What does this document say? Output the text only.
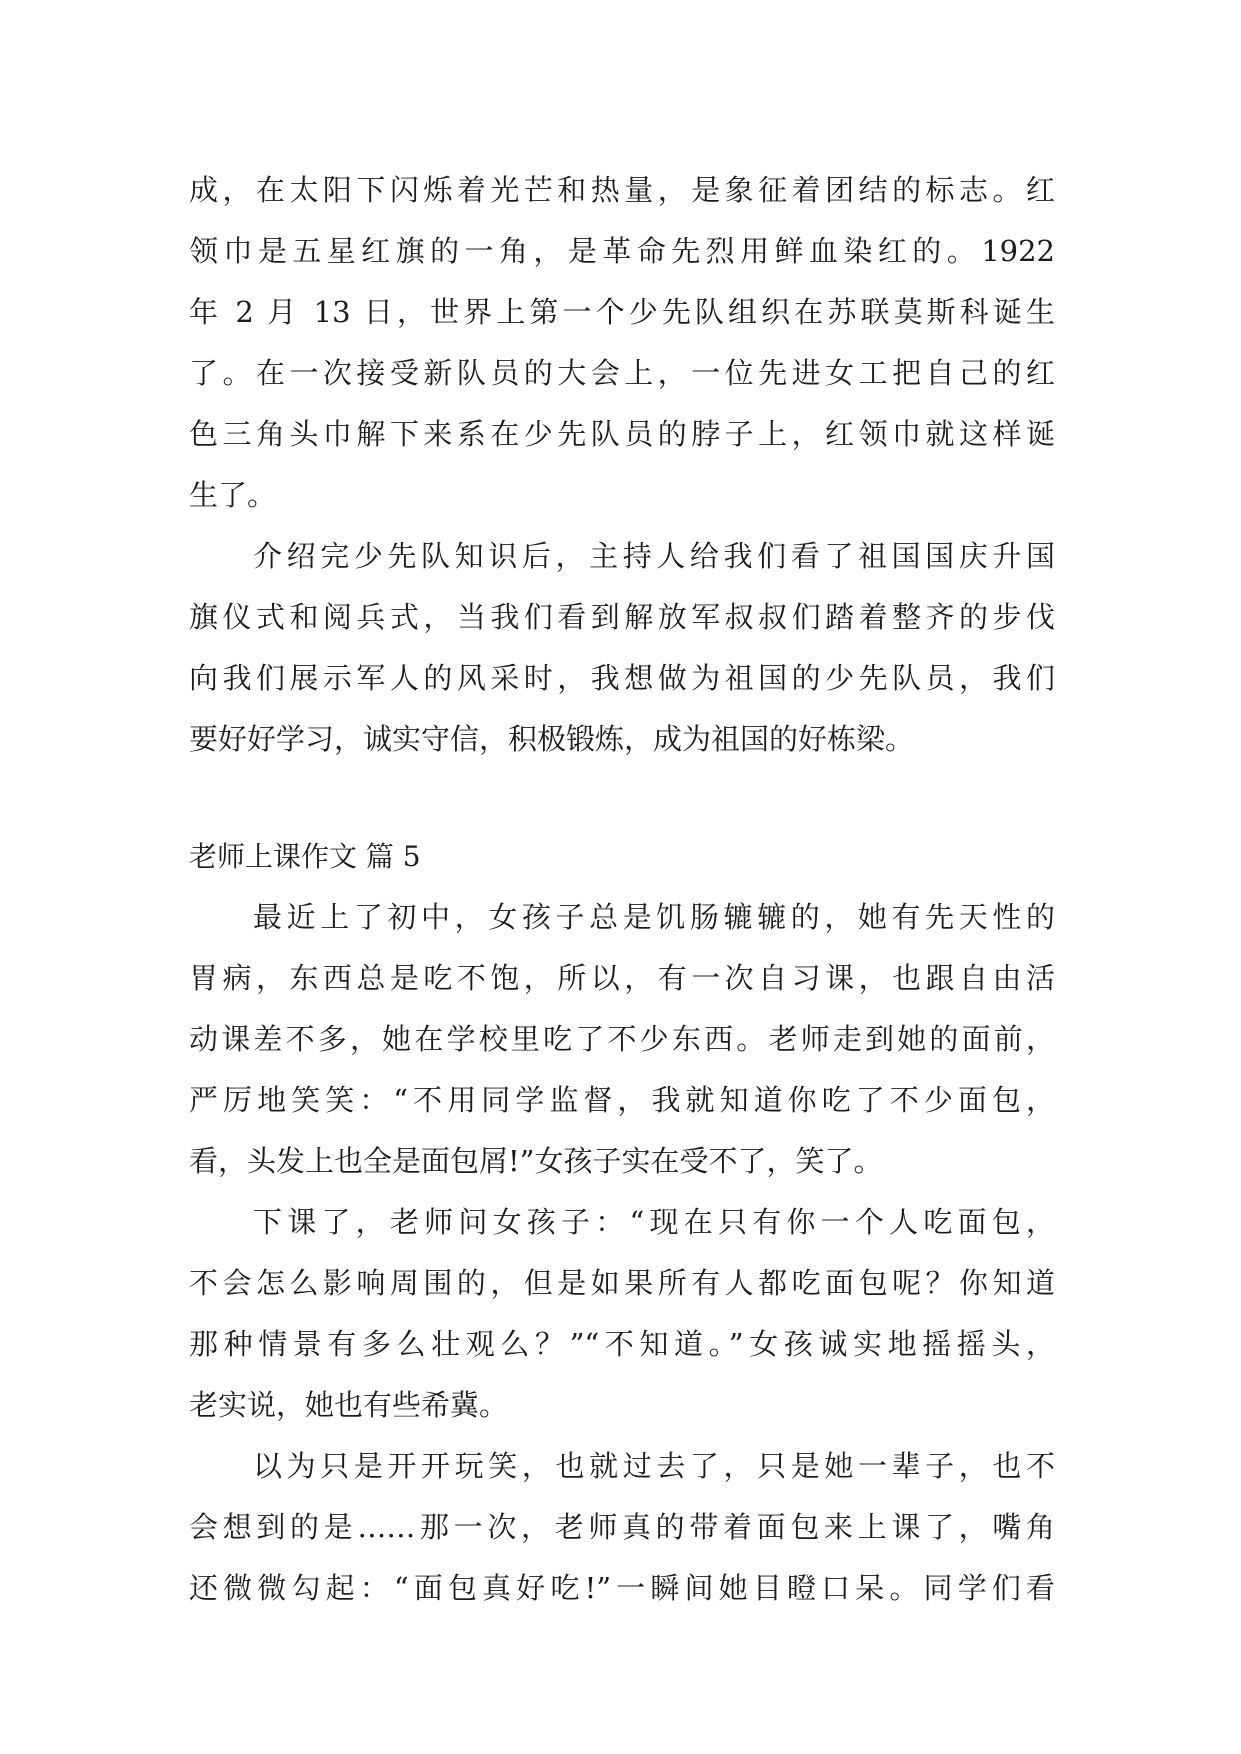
成，在太阳下闪烁着光芒和热量，是象征着团结的标志。红
领巾是五星红旗的一角，是革命先烈用鲜血染红的。1922
年 2 月 13 日，世界上第一个少先队组织在苏联莫斯科诞生
了。在一次接受新队员的大会上，一位先进女工把自己的红
色三角头巾解下来系在少先队员的脖子上，红领巾就这样诞
生了。
介绍完少先队知识后，主持人给我们看了祖国国庆升国
旗仪式和阅兵式，当我们看到解放军叔叔们踏着整齐的步伐
向我们展示军人的风采时，我想做为祖国的少先队员，我们
要好好学习，诚实守信，积极锻炼，成为祖国的好栋梁。
老师上课作文 篇 5
最近上了初中，女孩子总是饥肠辘辘的，她有先天性的
胃病，东西总是吃不饱，所以，有一次自习课，也跟自由活
动课差不多，她在学校里吃了不少东西。老师走到她的面前，
严厉地笑笑：“不用同学监督，我就知道你吃了不少面包，
看，头发上也全是面包屑!”女孩子实在受不了，笑了。
下课了，老师问女孩子：“现在只有你一个人吃面包，
不会怎么影响周围的，但是如果所有人都吃面包呢？你知道
那种情景有多么壮观么？”“不知道。”女孩诚实地摇摇头，
老实说，她也有些希冀。
以为只是开开玩笑，也就过去了，只是她一辈子，也不
会想到的是……那一次，老师真的带着面包来上课了，嘴角
还微微勾起：“面包真好吃!”一瞬间她目瞪口呆。同学们看
